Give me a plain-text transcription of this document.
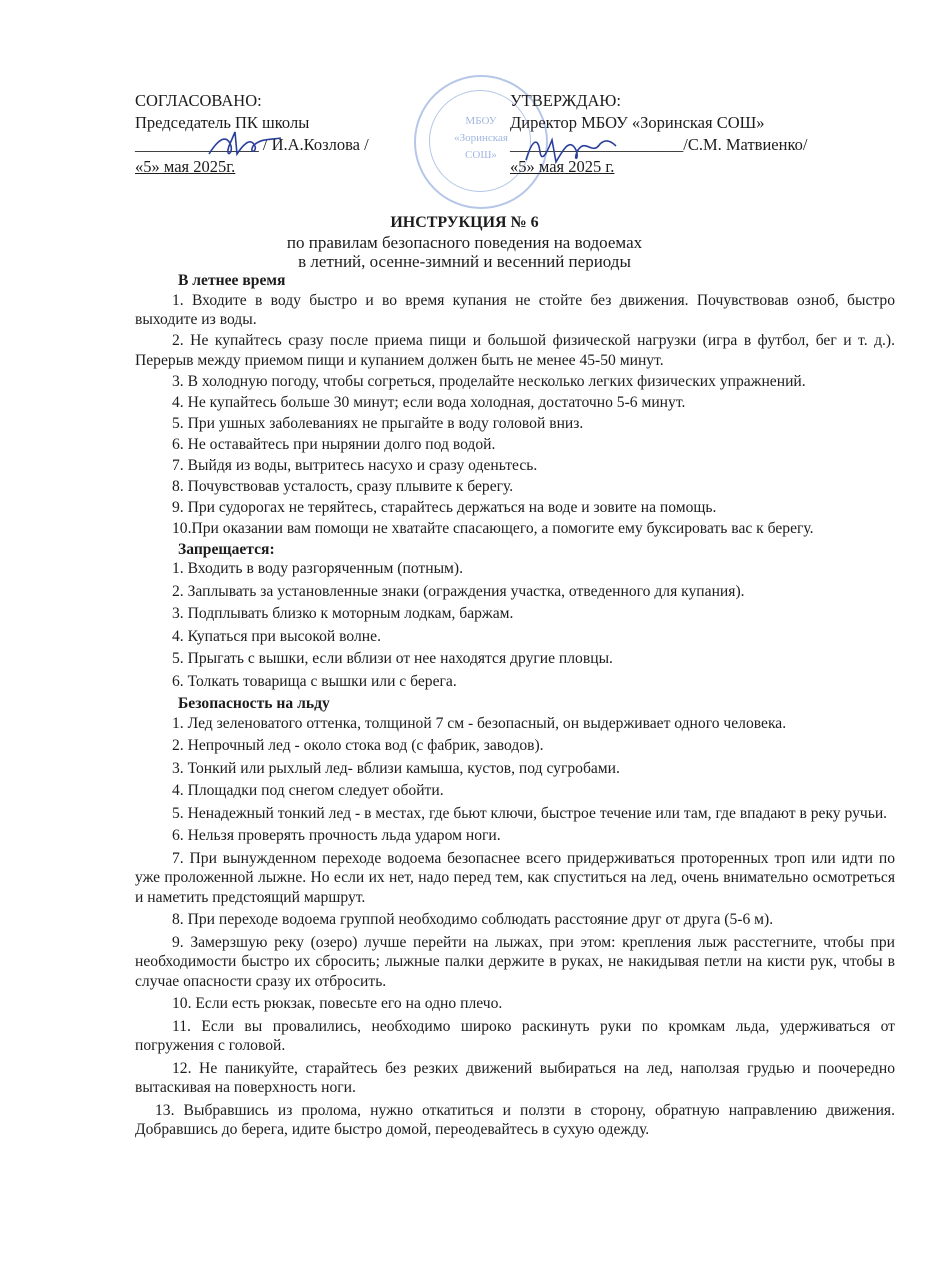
МБОУ
«Зоринская
СОШ»
СОГЛАСОВАНО:
Председатель ПК школы
_______________ / И.А.Козлова /
«5» мая 2025г.
УТВЕРЖДАЮ:
Директор МБОУ «Зоринская СОШ»
_____________________/С.М. Матвиенко/
«5» мая 2025 г.
ИНСТРУКЦИЯ № 6
по правилам безопасного поведения на водоемах
в летний, осенне-зимний и весенний периоды
В летнее время

1. Входите в воду быстро и во время купания не стойте без движения. Почувствовав озноб, быстро выходите из воды.

2. Не купайтесь сразу после приема пищи и большой физической нагрузки (игра в футбол, бег и т. д.). Перерыв между приемом пищи и купанием должен быть не менее 45-50 минут.

3. В холодную погоду, чтобы согреться, проделайте несколько легких физических упражнений.

4. Не купайтесь больше 30 минут; если вода холодная, достаточно 5-6 минут.

5. При ушных заболеваниях не прыгайте в воду головой вниз.

6. Не оставайтесь при нырянии долго под водой.

7. Выйдя из воды, вытритесь насухо и сразу оденьтесь.

8. Почувствовав усталость, сразу плывите к берегу.

9. При судорогах не теряйтесь, старайтесь держаться на воде и зовите на помощь.

10.При оказании вам помощи не хватайте спасающего, а помогите ему буксировать вас к берегу.

Запрещается:

1. Входить в воду разгоряченным (потным).

2. Заплывать за установленные знаки (ограждения участка, отведенного для купания).

3. Подплывать близко к моторным лодкам, баржам.

4. Купаться при высокой волне.

5. Прыгать с вышки, если вблизи от нее находятся другие пловцы.

6. Толкать товарища с вышки или с берега.

Безопасность на льду

1. Лед зеленоватого оттенка, толщиной 7 см - безопасный, он выдерживает одного человека.

2. Непрочный лед - около стока вод (с фабрик, заводов).

3. Тонкий или рыхлый лед- вблизи камыша, кустов, под сугробами.

4. Площадки под снегом следует обойти.

5. Ненадежный тонкий лед - в местах, где бьют ключи, быстрое течение или там, где впадают в реку ручьи.

6. Нельзя проверять прочность льда ударом ноги.

7. При вынужденном переходе водоема безопаснее всего придерживаться проторенных троп или идти по уже проложенной лыжне. Но если их нет, надо перед тем, как спуститься на лед, очень внимательно осмотреться и наметить предстоящий маршрут.

8. При переходе водоема группой необходимо соблюдать расстояние друг от друга (5-6 м).

9. Замерзшую реку (озеро) лучше перейти на лыжах, при этом: крепления лыж расстегните, чтобы при необходимости быстро их сбросить; лыжные палки держите в руках, не накидывая петли на кисти рук, чтобы в случае опасности сразу их отбросить.

10. Если есть рюкзак, повесьте его на одно плечо.

11. Если вы провалились, необходимо широко раскинуть руки по кромкам льда, удерживаться от погружения с головой.

12. Не паникуйте, старайтесь без резких движений выбираться на лед, наползая грудью и поочередно вытаскивая на поверхность ноги.

13. Выбравшись из пролома, нужно откатиться и ползти в сторону, обратную направлению движения. Добравшись до берега, идите быстро домой, переодевайтесь в сухую одежду.
